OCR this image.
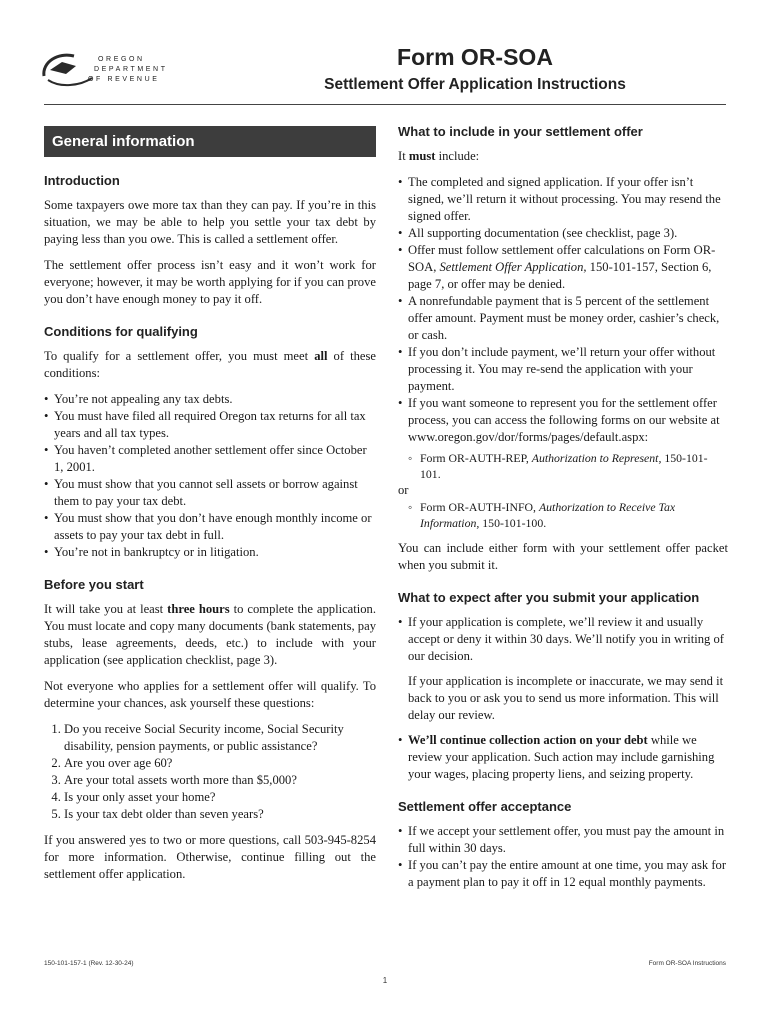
OREGON
DEPARTMENT
OF REVENUE
Form OR-SOA
Settlement Offer Application Instructions
General information
Introduction

Some taxpayers owe more tax than they can pay. If you’re in this situation, we may be able to help you settle your tax debt by paying less than you owe. This is called a settlement offer.

The settlement offer process isn’t easy and it won’t work for everyone; however, it may be worth applying for if you can prove you don’t have enough money to pay it off.

Conditions for qualifying

To qualify for a settlement offer, you must meet all of these conditions:

• You’re not appealing any tax debts.
• You must have filed all required Oregon tax returns for all tax years and all tax types.
• You haven’t completed another settlement offer since October 1, 2001.
• You must show that you cannot sell assets or borrow against them to pay your tax debt.
• You must show that you don’t have enough monthly income or assets to pay your tax debt in full.
• You’re not in bankruptcy or in litigation.
Before you start

It will take you at least three hours to complete the application. You must locate and copy many documents (bank statements, pay stubs, lease agreements, deeds, etc.) to include with your application (see application checklist, page 3).

Not everyone who applies for a settlement offer will qualify. To determine your chances, ask yourself these questions:

1. Do you receive Social Security income, Social Security disability, pension payments, or public assistance?
2. Are you over age 60?
3. Are your total assets worth more than $5,000?
4. Is your only asset your home?
5. Is your tax debt older than seven years?

If you answered yes to two or more questions, call 503-945-8254 for more information. Otherwise, continue filling out the settlement offer application.

What to include in your settlement offer

It must include:

• The completed and signed application. If your offer isn’t signed, we’ll return it without processing. You may resend the signed offer.
• All supporting documentation (see checklist, page 3).
• Offer must follow settlement offer calculations on Form OR-SOA, Settlement Offer Application, 150-101-157, Section 6, page 7, or offer may be denied.
• A nonrefundable payment that is 5 percent of the settlement offer amount. Payment must be money order, cashier’s check, or cash.
• If you don’t include payment, we’ll return your offer without processing it. You may re-send the application with your payment.
• If you want someone to represent you for the settlement offer process, you can access the following forms on our website at www.oregon.gov/dor/forms/pages/default.aspx:
◦ Form OR-AUTH-REP, Authorization to Represent, 150-101-101.
or
◦ Form OR-AUTH-INFO, Authorization to Receive Tax Information, 150-101-100.

You can include either form with your settlement offer packet when you submit it.

What to expect after you submit your application
• If your application is complete, we’ll review it and usually accept or deny it within 30 days. We’ll notify you in writing of our decision.
If your application is incomplete or inaccurate, we may send it back to you or ask you to send us more information. This will delay our review.
• We’ll continue collection action on your debt while we review your application. Such action may include garnishing your wages, placing property liens, and seizing property.
Settlement offer acceptance
• If we accept your settlement offer, you must pay the amount in full within 30 days.
• If you can’t pay the entire amount at one time, you may ask for a payment plan to pay it off in 12 equal monthly payments.
150-101-157-1 (Rev. 12-30-24)	Form OR-SOA Instructions
1
